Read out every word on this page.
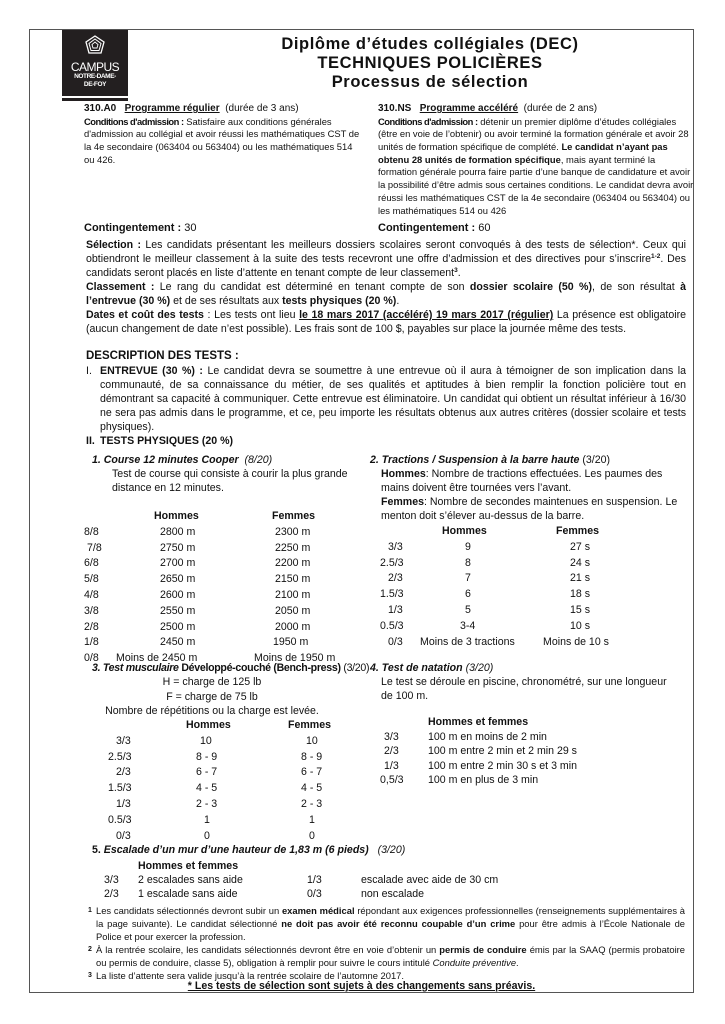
CAMPUS
NOTRE-DAME-
DE-FOY
Diplôme d’études collégiales (DEC)
TECHNIQUES POLICIÈRES
Processus de sélection
310.A0 Programme régulier (durée de 3 ans)
Conditions d'admission : Satisfaire aux conditions générales d'admission au collégial et avoir réussi les mathématiques CST de la 4e secondaire (063404 ou 563404) ou les mathématiques 514 ou 426.
310.NS Programme accéléré (durée de 2 ans)
Conditions d'admission : détenir un premier diplôme d’études collégiales (être en voie de l’obtenir) ou avoir terminé la formation générale et avoir 28 unités de formation spécifique de complété. Le candidat n’ayant pas obtenu 28 unités de formation spécifique, mais ayant terminé la formation générale pourra faire partie d’une banque de candidature et avoir la possibilité d’être admis sous certaines conditions. Le candidat devra avoir réussi les mathématiques CST de la 4e secondaire (063404 ou 563404) ou les mathématiques 514 ou 426
Contingentement : 30	Contingentement : 60
Sélection : Les candidats présentant les meilleurs dossiers scolaires seront convoqués à des tests de sélection*. Ceux qui obtiendront le meilleur classement à la suite des tests recevront une offre d’admission et des directives pour s’inscrire$^{1-2}$. Des candidats seront placés en liste d’attente en tenant compte de leur classement$^3$.
Classement : Le rang du candidat est déterminé en tenant compte de son dossier scolaire (50 %), de son résultat à l’entrevue (30 %) et de ses résultats aux tests physiques (20 %).
Dates et coût des tests : Les tests ont lieu le 18 mars 2017 (accéléré) 19 mars 2017 (régulier) La présence est obligatoire (aucun changement de date n’est possible). Les frais sont de 100 $, payables sur place la journée même des tests.
DESCRIPTION DES TESTS :
I. ENTREVUE (30 %) : Le candidat devra se soumettre à une entrevue où il aura à témoigner de son implication dans la communauté, de sa connaissance du métier, de ses qualités et aptitudes à bien remplir la fonction policière tout en démontrant sa capacité à communiquer. Cette entrevue est éliminatoire. Un candidat qui obtient un résultat inférieur à 16/30 ne sera pas admis dans le programme, et ce, peu importe les résultats obtenus aux autres critères (dossier scolaire et tests physiques).
II. TESTS PHYSIQUES (20 %)
1. Course 12 minutes Cooper (8/20)
Test de course qui consiste à courir la plus grande distance en 12 minutes.
Hommes	Femmes
8/8	2800 m	2300 m
7/8	2750 m	2250 m
6/8	2700 m	2200 m
5/8	2650 m	2150 m
4/8	2600 m	2100 m
3/8	2550 m	2050 m
2/8	2500 m	2000 m
1/8	2450 m	1950 m
0/8 Moins de 2450 m	Moins de 1950 m
2. Tractions / Suspension à la barre haute (3/20)
Hommes: Nombre de tractions effectuées. Les paumes des mains doivent être tournées vers l’avant.
Femmes: Nombre de secondes maintenues en suspension. Le menton doit s’élever au-dessus de la barre.
Hommes	Femmes
3/3	9	27 s
2.5/3	8	24 s
2/3	7	21 s
1.5/3	6	18 s
1/3	5	15 s
0.5/3	3-4	10 s
0/3 Moins de 3 tractions	Moins de 10 s
3. Test musculaire Développé-couché (Bench-press) (3/20)
H = charge de 125 lb
F = charge de 75 lb
Nombre de répétitions ou la charge est levée.
Hommes	Femmes
3/3	10	10
2.5/3	8 - 9	8 - 9
2/3	6 - 7	6 - 7
1.5/3	4 - 5	4 - 5
1/3	2 - 3	2 - 3
0.5/3	1	1
0/3	0	0
4. Test de natation (3/20)
Le test se déroule en piscine, chronométré, sur une longueur de 100 m.
Hommes et femmes
3/3	100 m en moins de 2 min
2/3	100 m entre 2 min et 2 min 29 s
1/3	100 m entre 2 min 30 s et 3 min
0,5/3 100 m en plus de 3 min
5. Escalade d’un mur d’une hauteur de 1,83 m (6 pieds) (3/20)
Hommes et femmes
3/3 2 escalades sans aide	1/3	escalade avec aide de 30 cm
2/3 1 escalade sans aide	0/3	non escalade
1 Les candidats sélectionnés devront subir un examen médical répondant aux exigences professionnelles (renseignements supplémentaires à la page suivante). Le candidat sélectionné ne doit pas avoir été reconnu coupable d’un crime pour être admis à l’École Nationale de Police et pour exercer la profession.
2 À la rentrée scolaire, les candidats sélectionnés devront être en voie d’obtenir un permis de conduire émis par la SAAQ (permis probatoire ou permis de conduire, classe 5), obligation à remplir pour suivre le cours intitulé Conduite préventive.
3 La liste d’attente sera valide jusqu’à la rentrée scolaire de l’automne 2017.
* Les tests de sélection sont sujets à des changements sans préavis.
